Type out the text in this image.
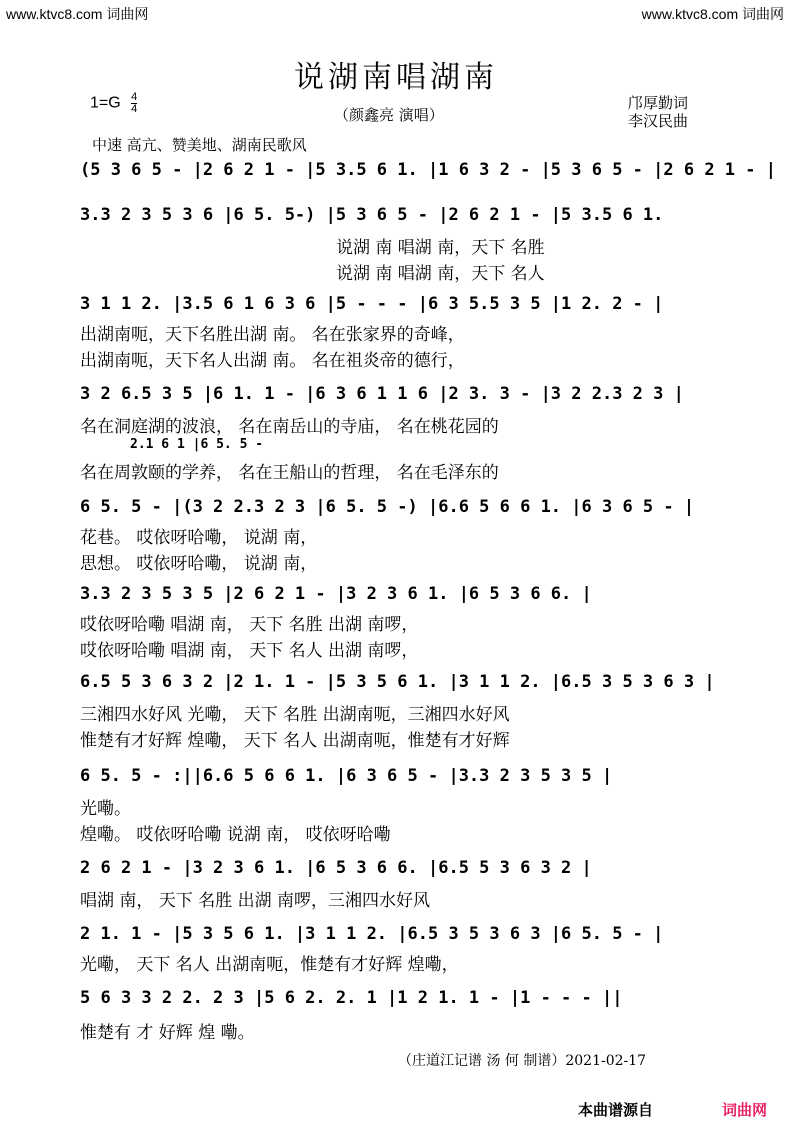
www.ktvc8.com 词曲网	www.ktvc8.com 词曲网
说湖南唱湖南
$1=G \frac{4}{4}$	（颜鑫亮 演唱）
邝厚勤词
李汉民曲
中速 高亢、赞美地、湖南民歌风
(5 3 6 5 - |2 6 2 1 - |5 3.5 6 1. |1 6 3 2 - |5 3 6 5 - |2 6 2 1 - |
3.3 2 3 5 3 6 |6 5. 5-) |5 3 6 5 - |2 6 2 1 - |5 3.5 6 1.
说湖 南 唱湖 南，天下 名胜
说湖 南 唱湖 南，天下 名人
3 1 1 2. |3.5 6 1 6 3 6 |5 - - - |6 3 5.5 3 5 |1 2. 2 - |
出湖南呃，天下名胜出湖 南。 名在张家界的奇峰，
出湖南呃，天下名人出湖 南。 名在祖炎帝的德行，
3 2 6.5 3 5 |6 1. 1 - |6 3 6 1 1 6 |2 3. 3 - |3 2 2.3 2 3 |
名在洞庭湖的波浪， 名在南岳山的寺庙， 名在桃花园的
2.1 6 1 |6 5. 5 -
名在周敦颐的学养， 名在王船山的哲理， 名在毛泽东的
6 5. 5 - |(3 2 2.3 2 3 |6 5. 5 -) |6.6 5 6 6 1. |6 3 6 5 - |
花巷。 哎依呀哈嘞， 说湖 南，
思想。 哎依呀哈嘞， 说湖 南，
3.3 2 3 5 3 5 |2 6 2 1 - |3 2 3 6 1. |6 5 3 6 6. |
哎依呀哈嘞 唱湖 南， 天下 名胜 出湖 南啰，
哎依呀哈嘞 唱湖 南， 天下 名人 出湖 南啰，
6.5 5 3 6 3 2 |2 1. 1 - |5 3 5 6 1. |3 1 1 2. |6.5 3 5 3 6 3 |
三湘四水好风 光嘞， 天下 名胜 出湖南呃，三湘四水好风
惟楚有才好辉 煌嘞， 天下 名人 出湖南呃，惟楚有才好辉
6 5. 5 - :||6.6 5 6 6 1. |6 3 6 5 - |3.3 2 3 5 3 5 |
光嘞。
煌嘞。 哎依呀哈嘞 说湖 南， 哎依呀哈嘞
2 6 2 1 - |3 2 3 6 1. |6 5 3 6 6. |6.5 5 3 6 3 2 |
唱湖 南， 天下 名胜 出湖 南啰，三湘四水好风
2 1. 1 - |5 3 5 6 1. |3 1 1 2. |6.5 3 5 3 6 3 |6 5. 5 - |
光嘞， 天下 名人 出湖南呃，惟楚有才好辉 煌嘞，
5 6 3 3 2 2. 2 3 |5 6 2. 2. 1 |1 2 1. 1 - |1 - - - ||
惟楚有 才 好辉 煌 嘞。
（庄道江记谱 汤 何 制谱）2021-02-17
本曲谱源自	词曲网
